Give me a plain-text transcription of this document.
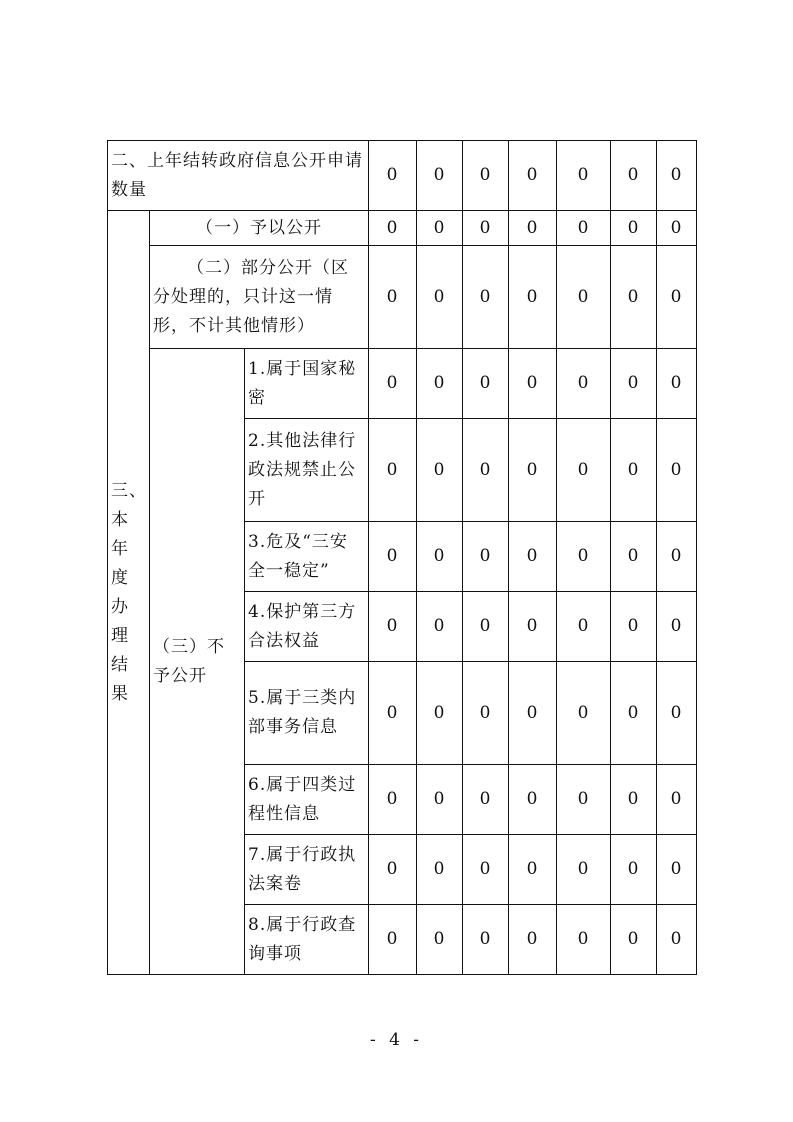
二、上年结转政府信息公开申请数量			0	0	0	0	0	0	0
三、本年度办理结果	（一）予以公开		0	0	0	0	0	0	0
	（二）部分公开（区分处理的，只计这一情形，不计其他情形）		0	0	0	0	0	0	0
	（三）不予公开	1.属于国家秘密	0	0	0	0	0	0	0
		2.其他法律行政法规禁止公开	0	0	0	0	0	0	0
		3.危及“三安全一稳定”	0	0	0	0	0	0	0
		4.保护第三方合法权益	0	0	0	0	0	0	0
		5.属于三类内部事务信息	0	0	0	0	0	0	0
		6.属于四类过程性信息	0	0	0	0	0	0	0
		7.属于行政执法案卷	0	0	0	0	0	0	0
		8.属于行政查询事项	0	0	0	0	0	0	0
- 4 -
